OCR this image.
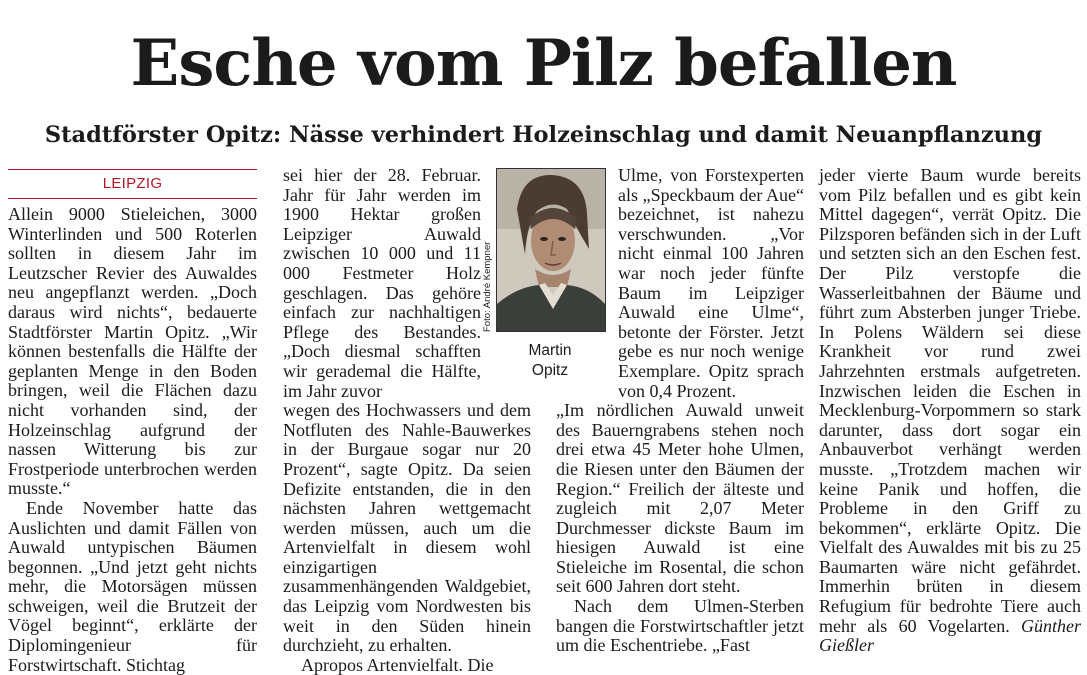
Esche vom Pilz befallen
Stadtförster Opitz: Nässe verhindert Holzeinschlag und damit Neuanpflanzung
LEIPZIG

Allein 9000 Stieleichen, 3000 Winterlinden und 500 Roterlen sollten in diesem Jahr im Leutzscher Revier des Auwaldes neu angepflanzt werden. „Doch daraus wird nichts“, bedauerte Stadtförster Martin Opitz. „Wir können bestenfalls die Hälfte der geplanten Menge in den Boden bringen, weil die Flächen dazu nicht vorhanden sind, der Holzeinschlag aufgrund der nassen Witterung bis zur Frostperiode unterbrochen werden musste.“

Ende November hatte das Auslichten und damit Fällen von Auwald untypischen Bäumen begonnen. „Und jetzt geht nichts mehr, die Motorsägen müssen schweigen, weil die Brutzeit der Vögel beginnt“, erklärte der Diplomingenieur für Forstwirtschaft. Stichtag

sei hier der 28. Februar. Jahr für Jahr werden im 1900 Hektar großen Leipziger Auwald zwischen 10 000 und 11 000 Festmeter Holz geschlagen. Das gehöre einfach zur nachhaltigen Pflege des Bestandes. „Doch diesmal schafften wir gerademal die Hälfte, im Jahr zuvor

wegen des Hochwassers und dem Notfluten des Nahle-Bauwerkes in der Burgaue sogar nur 20 Prozent“, sagte Opitz. Da seien Defizite entstanden, die in den nächsten Jahren wettgemacht werden müssen, auch um die Artenvielfalt in diesem wohl einzigartigen zusammenhängenden Waldgebiet, das Leipzig vom Nordwesten bis weit in den Süden hinein durchzieht, zu erhalten.

Apropos Artenvielfalt. Die

Ulme, von Forstexperten als „Speckbaum der Aue“ bezeichnet, ist nahezu verschwunden. „Vor nicht einmal 100 Jahren war noch jeder fünfte Baum im Leipziger Auwald eine Ulme“, betonte der Förster. Jetzt gebe es nur noch wenige Exemplare. Opitz sprach von 0,4 Prozent.

„Im nördlichen Auwald unweit des Bauerngrabens stehen noch drei etwa 45 Meter hohe Ulmen, die Riesen unter den Bäumen der Region.“ Freilich der älteste und zugleich mit 2,07 Meter Durchmesser dickste Baum im hiesigen Auwald ist eine Stieleiche im Rosental, die schon seit 600 Jahren dort steht.

Nach dem Ulmen-Sterben bangen die Forstwirtschaftler jetzt um die Eschentriebe. „Fast

jeder vierte Baum wurde bereits vom Pilz befallen und es gibt kein Mittel dagegen“, verrät Opitz. Die Pilzsporen befänden sich in der Luft und setzten sich an den Eschen fest. Der Pilz verstopfe die Wasserleitbahnen der Bäume und führt zum Absterben junger Triebe. In Polens Wäldern sei diese Krankheit vor rund zwei Jahrzehnten erstmals aufgetreten. Inzwischen leiden die Eschen in Mecklenburg-Vorpommern so stark darunter, dass dort sogar ein Anbauverbot verhängt werden musste. „Trotzdem machen wir keine Panik und hoffen, die Probleme in den Griff zu bekommen“, erklärte Opitz. Die Vielfalt des Auwaldes mit bis zu 25 Baumarten wäre nicht gefährdet. Immerhin brüten in diesem Refugium für bedrohte Tiere auch mehr als 60 Vogelarten. Günther Gießler

Foto: André Kempner
Martin
Opitz
